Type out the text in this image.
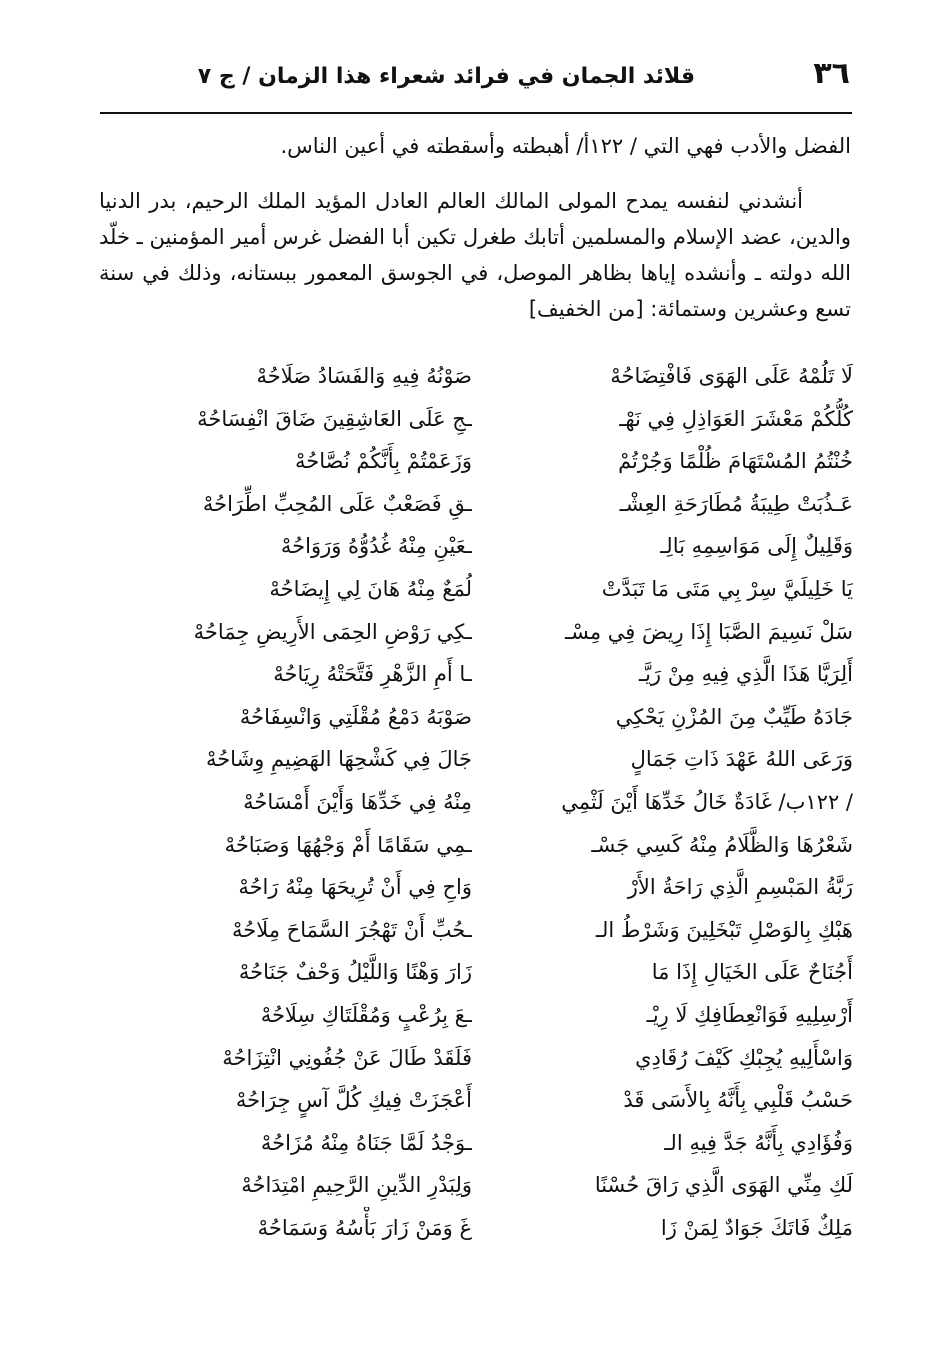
٣٦
قلائد الجمان في فرائد شعراء هذا الزمان / ج ٧

الفضل والأدب فهي التي / ١٢٢أ/ أهبطته وأسقطته في أعين الناس.

أنشدني لنفسه يمدح المولى المالك العالم العادل المؤيد الملك الرحيم، بدر الدنيا والدين، عضد الإسلام والمسلمين أتابك طغرل تكين أبا الفضل غرس أمير المؤمنين ـ خلّد الله دولته ـ وأنشده إياها بظاهر الموصل، في الجوسق المعمور ببستانه، وذلك في سنة تسع وعشرين وستمائة: [من الخفيف]

لَا تَلُمْهُ عَلَى الهَوَى فَافْتِضَاحُهْ
صَوْنُهُ فِيهِ وَالفَسَادُ صَلَاحُهْ
كُلُّكُمْ مَعْشَرَ العَوَاذِلِ فِي نَهْـ
ـجِ عَلَى العَاشِقِينَ ضَاقَ انْفِسَاحُهْ
خُنْتُمُ المُسْتَهَامَ ظُلْمًا وَجُرْتُمْ
وَزَعَمْتُمْ بِأَنَّكُمْ نُصَّاحُهْ
عَـذُبَتْ طِيبَةُ مُطَارَحَةِ العِشْـ
ـقِ فَصَعْبٌ عَلَى المُحِبِّ اطِّرَاحُهْ
وَقَلِيلٌ إِلَى مَوَاسِمِهِ بَالِـ
ـعَيْنِ مِنْهُ غُدُوُّهُ وَرَوَاحُهْ
يَا خَلِيلَيَّ سِرْ بِي مَتَى مَا تَبَدَّتْ
لُمَعٌ مِنْهُ هَانَ لِي إِيضَاحُهْ
سَلْ نَسِيمَ الصَّبَا إِذَا رِيضَ فِي مِسْـ
ـكِي رَوْضِ الحِمَى الأَرِيضِ جِمَاحُهْ
أَلِرَيَّا هَذَا الَّذِي فِيهِ مِنْ رَيَّـ
ـا أَمِ الزَّهْرِ فَتَّحَتْهُ رِيَاحُهْ
جَادَهُ طَيِّبٌ مِنَ المُزْنِ يَحْكِي
صَوْبَهُ دَمْعُ مُقْلَتِي وَانْسِفَاحُهْ
وَرَعَى اللهُ عَهْدَ ذَاتِ جَمَالٍ
جَالَ فِي كَشْحِهَا الهَضِيمِ وِشَاحُهْ
/ ١٢٢ب/ غَادَةٌ خَالُ خَدِّهَا أَيْنَ لَثْمِي
مِنْهُ فِي خَدِّهَا وَأَيْنَ أَمْسَاحُهْ
شَعْرُهَا وَالظَّلَامُ مِنْهُ كَسِي جَسْـ
ـمِي سَقَامًا أَمْ وَجْهُهَا وَصَبَاحُهْ
رَبَّةُ المَبْسِمِ الَّذِي رَاحَةُ الأَرْ
وَاحِ فِي أَنْ تُرِيحَهَا مِنْهُ رَاحُهْ
هَبْكِ بِالوَصْلِ تَبْخَلِينَ وَشَرْطُ الـ
ـحُبِّ أَنْ تَهْجُرَ السَّمَاحَ مِلَاحُهْ
أَجُنَاحٌ عَلَى الخَيَالِ إِذَا مَا
زَارَ وَهْنًا وَاللَّيْلُ وَحْفٌ جَنَاحُهْ
أَرْسِلِيهِ فَوَانْعِطَافِكِ لَا رِيْـ
ـعَ بِرُعْبٍ وَمُقْلَتَاكِ سِلَاحُهْ
وَاسْأَلِيهِ يُجِبْكِ كَيْفَ رُقَادِي
فَلَقَدْ طَالَ عَنْ جُفُونِي انْتِزَاحُهْ
حَسْبُ قَلْبِي بِأَنَّهُ بِالأَسَى قَدْ
أَعْجَزَتْ فِيكِ كُلَّ آسٍ جِرَاحُهْ
وَفُؤَادِي بِأَنَّهُ جَدَّ فِيهِ الـ
ـوَجْدُ لَمَّا جَنَاهُ مِنْهُ مُزَاحُهْ
لَكِ مِنِّي الهَوَى الَّذِي رَاقَ حُسْنًا
وَلِبَدْرِ الدِّينِ الرَّحِيمِ امْتِدَاحُهْ
مَلِكٌ فَاتَكَ جَوَادٌ لِمَنْ زَا
غَ وَمَنْ زَارَ بَأْسُهُ وَسَمَاحُهْ
